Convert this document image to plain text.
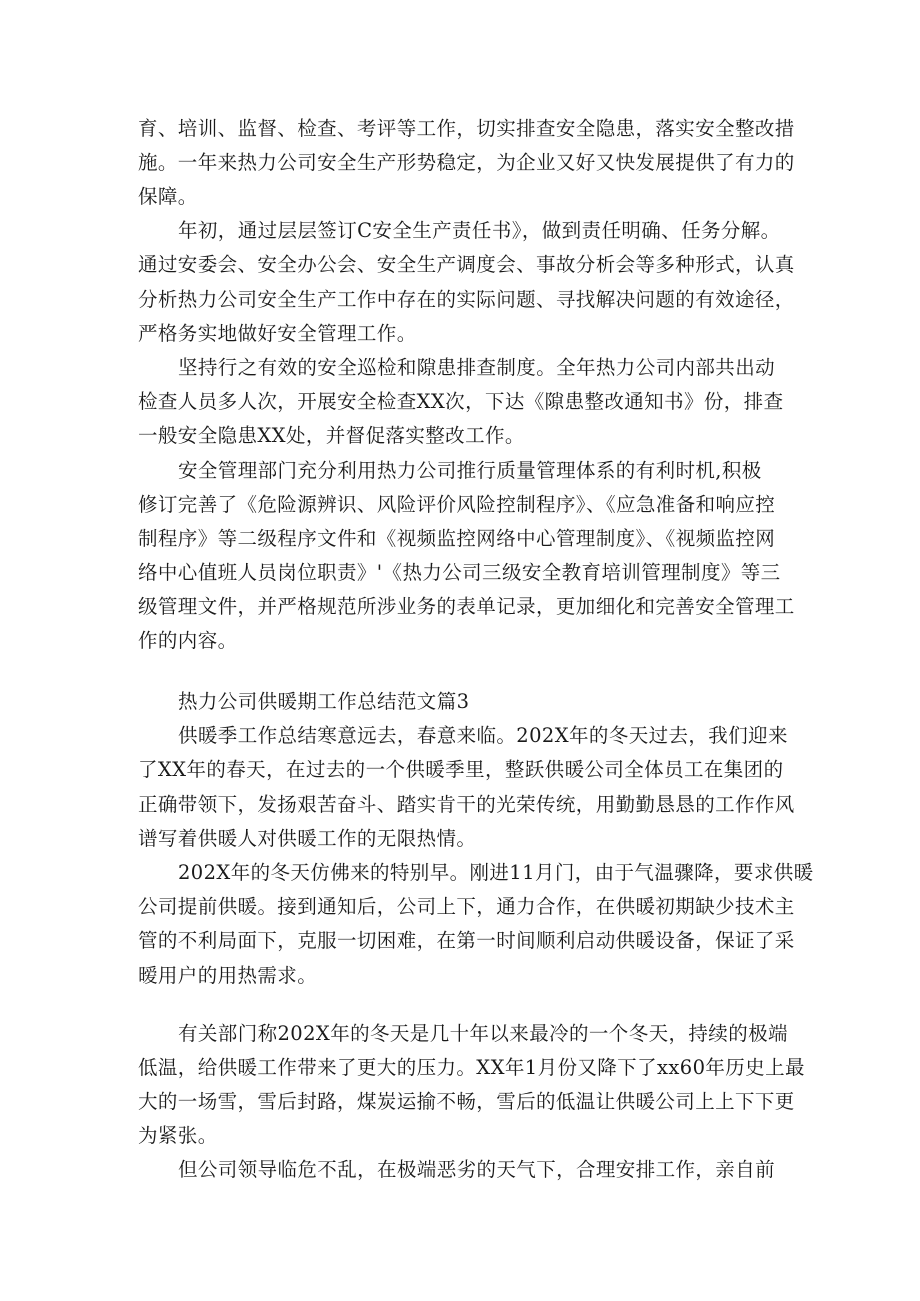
育、培训、监督、检查、考评等工作，切实排查安全隐患，落实安全整改措
施。一年来热力公司安全生产形势稳定，为企业又好又快发展提供了有力的
保障。
年初，通过层层签订C安全生产责任书》，做到责任明确、任务分解。
通过安委会、安全办公会、安全生产调度会、事故分析会等多种形式，认真
分析热力公司安全生产工作中存在的实际问题、寻找解决问题的有效途径，
严格务实地做好安全管理工作。
坚持行之有效的安全巡检和隙患排查制度。全年热力公司内部共出动
检查人员多人次，开展安全检查XX次，下达《隙患整改通知书》份，排查
一般安全隐患XX处，并督促落实整改工作。
安全管理部门充分利用热力公司推行质量管理体系的有利时机,积极
修订完善了《危险源辨识、风险评价风险控制程序》、《应急准备和响应控
制程序》等二级程序文件和《视频监控网络中心管理制度》、《视频监控网
络中心值班人员岗位职责》'《热力公司三级安全教育培训管理制度》等三
级管理文件，并严格规范所涉业务的表单记录，更加细化和完善安全管理工
作的内容。
热力公司供暖期工作总结范文篇3
供暖季工作总结寒意远去，春意来临。202X年的冬天过去，我们迎来
了XX年的春天，在过去的一个供暖季里，整跃供暖公司全体员工在集团的
正确带领下，发扬艰苦奋斗、踏实肯干的光荣传统，用勤勤恳恳的工作作风
谱写着供暖人对供暖工作的无限热情。
202X年的冬天仿佛来的特别早。刚进11月门，由于气温骤降，要求供暖
公司提前供暖。接到通知后，公司上下，通力合作，在供暖初期缺少技术主
管的不利局面下，克服一切困难，在第一时间顺利启动供暖设备，保证了采
暧用户的用热需求。
有关部门称202X年的冬天是几十年以来最冷的一个冬天，持续的极端
低温，给供暖工作带来了更大的压力。XX年1月份又降下了xx60年历史上最
大的一场雪，雪后封路，煤炭运揄不畅，雪后的低温让供暖公司上上下下更
为紧张。
但公司领导临危不乱，在极端恶劣的天气下，合理安排工作，亲自前
